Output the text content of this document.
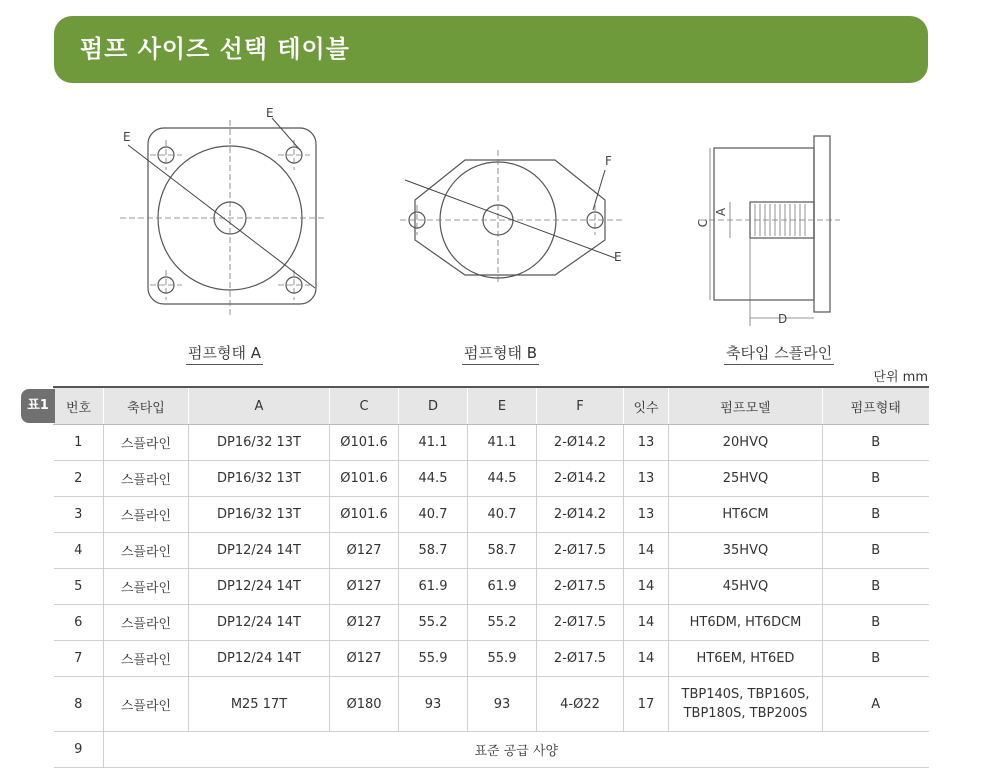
펌프 사이즈 선택 테이블
E
E
펌프형태 A
F
E
펌프형태 B
C
A
D
축타입 스플라인
단위 mm
표1	번호	축타입	A	C	D	E	F	잇수	펌프모델	펌프형태
	1	스플라인	DP16/32 13T	Ø101.6	41.1	41.1	2-Ø14.2	13	20HVQ	B
	2	스플라인	DP16/32 13T	Ø101.6	44.5	44.5	2-Ø14.2	13	25HVQ	B
	3	스플라인	DP16/32 13T	Ø101.6	40.7	40.7	2-Ø14.2	13	HT6CM	B
	4	스플라인	DP12/24 14T	Ø127	58.7	58.7	2-Ø17.5	14	35HVQ	B
	5	스플라인	DP12/24 14T	Ø127	61.9	61.9	2-Ø17.5	14	45HVQ	B
	6	스플라인	DP12/24 14T	Ø127	55.2	55.2	2-Ø17.5	14	HT6DM, HT6DCM	B
	7	스플라인	DP12/24 14T	Ø127	55.9	55.9	2-Ø17.5	14	HT6EM, HT6ED	B
	8	스플라인	M25 17T	Ø180	93	93	4-Ø22	17	TBP140S, TBP160S,
TBP180S, TBP200S	A
	9	표준 공급 사양								
